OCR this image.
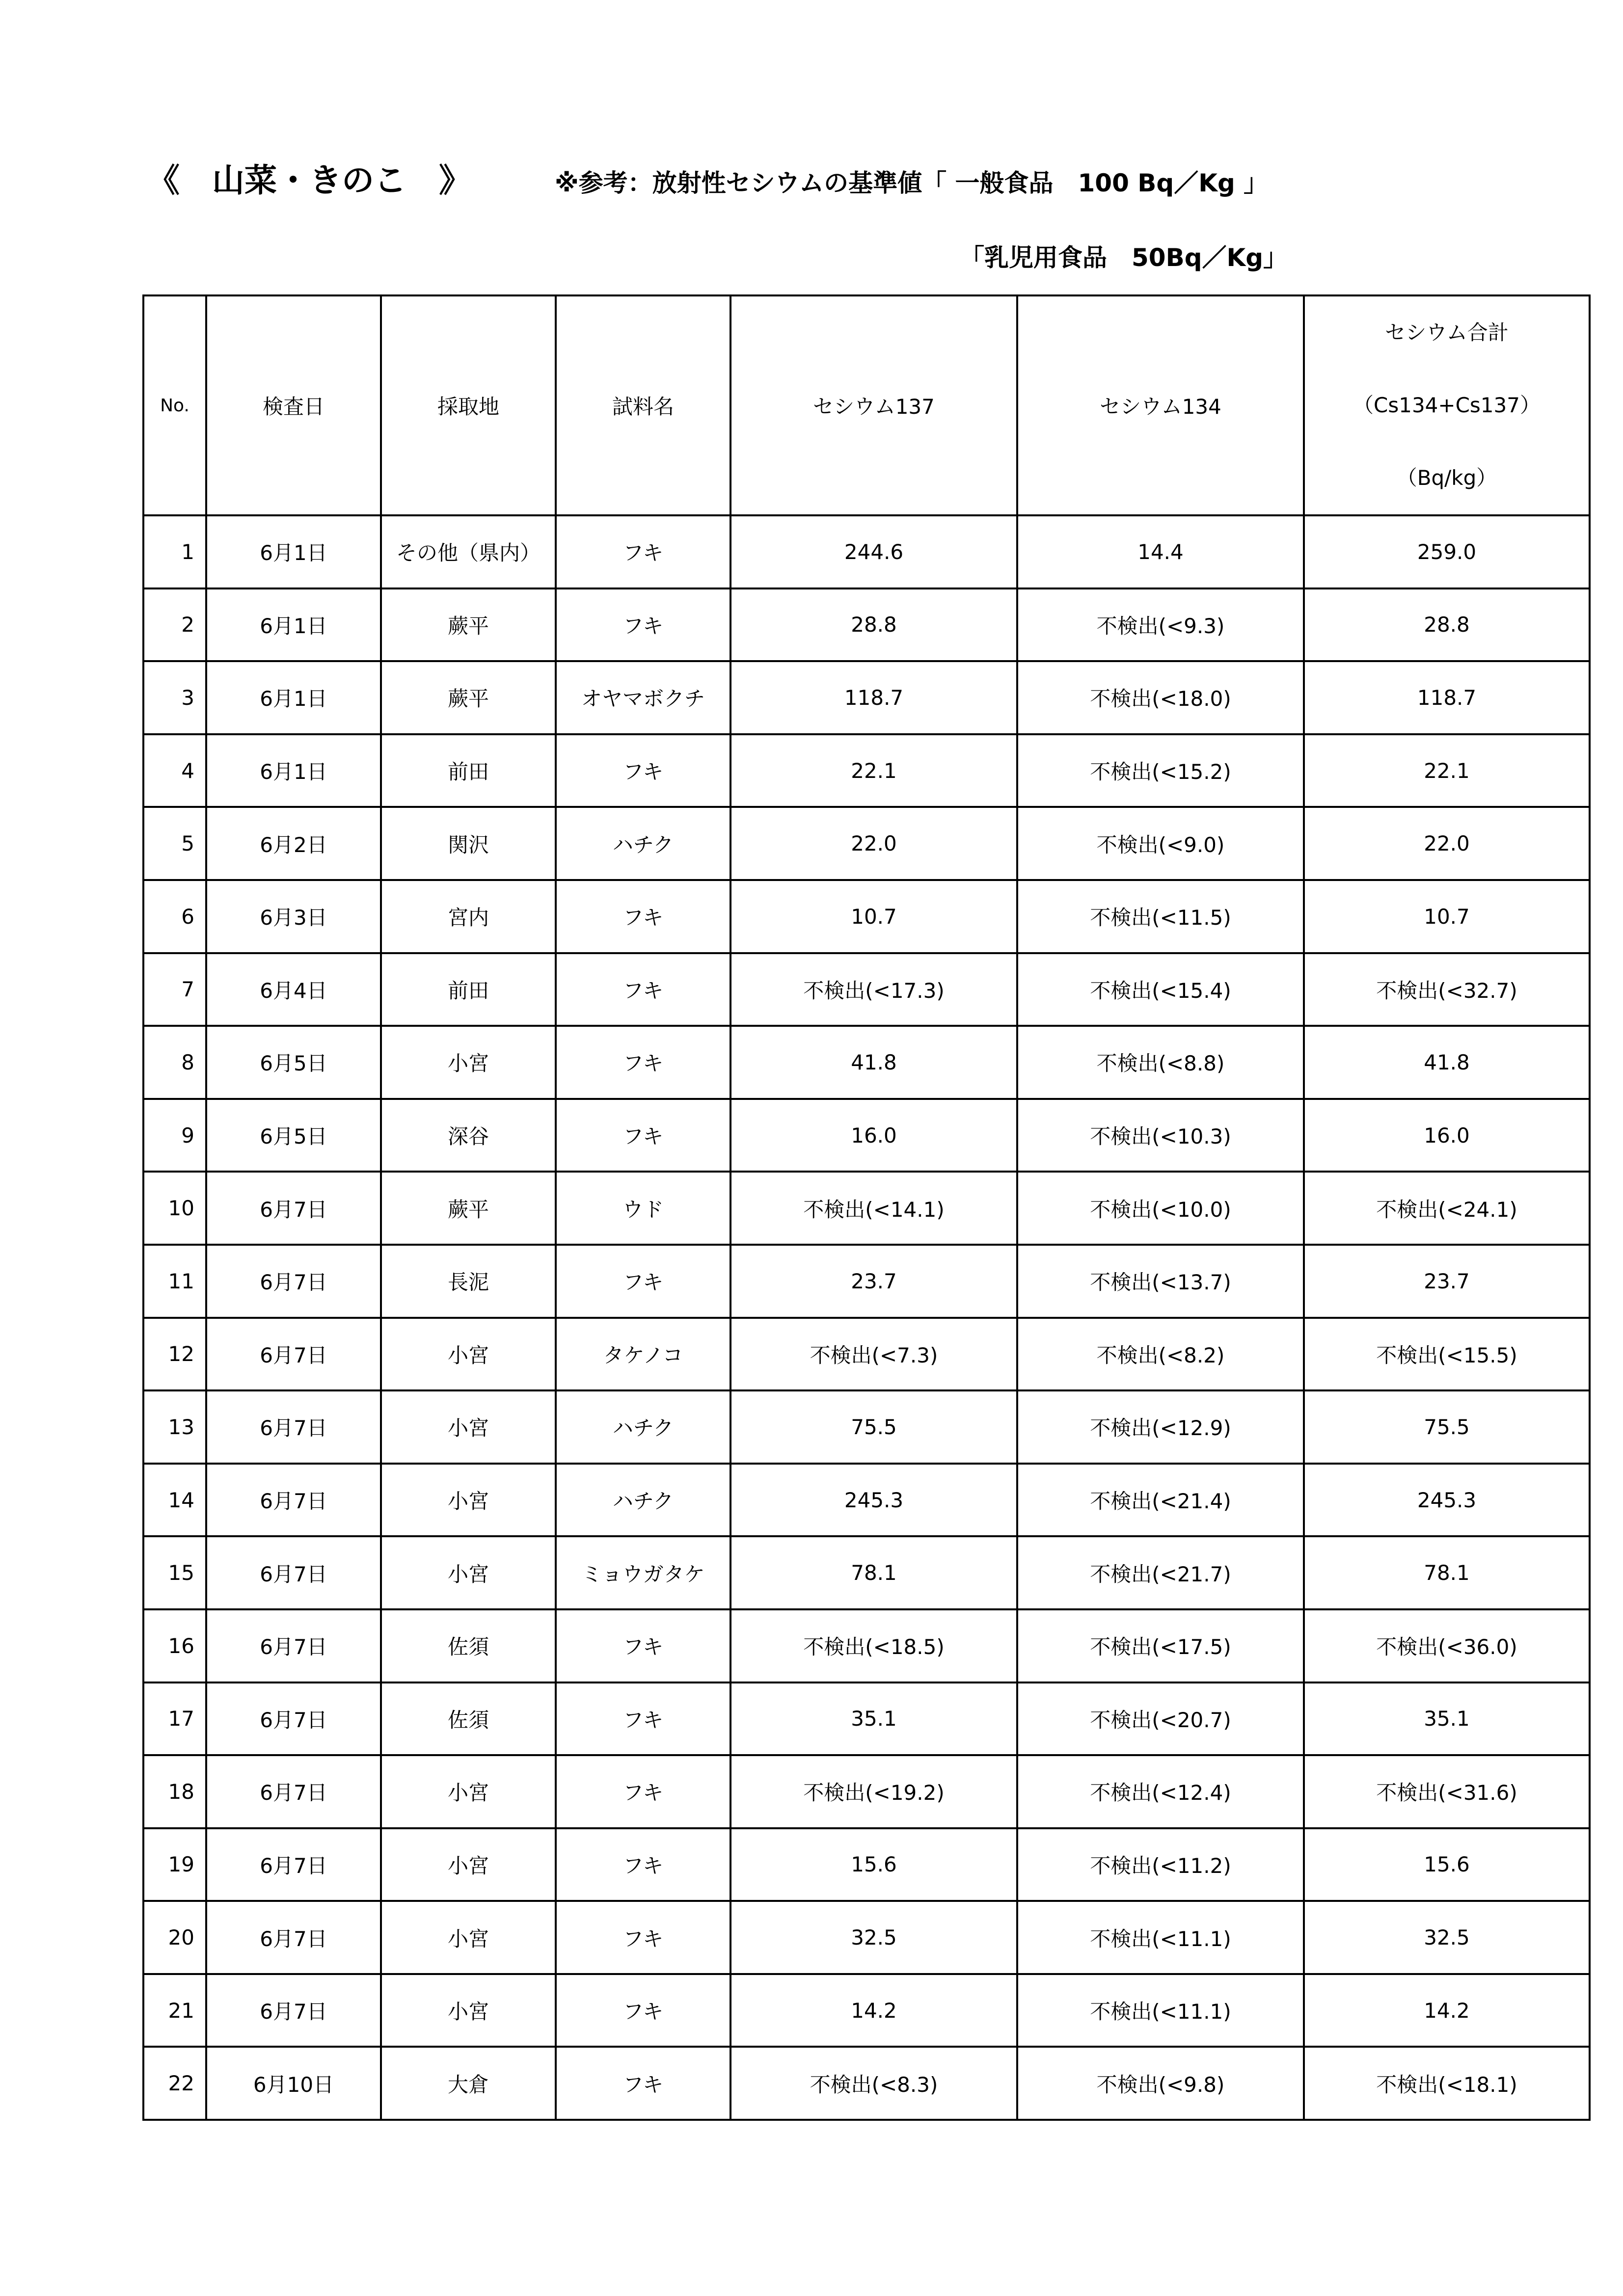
《　山菜・きのこ　》	※参考：放射性セシウムの基準値「 一般食品　100 Bq／Kg 」
「乳児用食品　50Bq／Kg」
No.	検査日	採取地	試料名	セシウム137	セシウム134	セシウム合計
（Cs134+Cs137）
（Bq/kg）

1	6月1日	その他（県内）	フキ	244.6	14.4	259.0
2	6月1日	蕨平	フキ	28.8	不検出(<9.3)	28.8
3	6月1日	蕨平	オヤマボクチ	118.7	不検出(<18.0)	118.7
4	6月1日	前田	フキ	22.1	不検出(<15.2)	22.1
5	6月2日	関沢	ハチク	22.0	不検出(<9.0)	22.0
6	6月3日	宮内	フキ	10.7	不検出(<11.5)	10.7
7	6月4日	前田	フキ	不検出(<17.3)	不検出(<15.4)	不検出(<32.7)
8	6月5日	小宮	フキ	41.8	不検出(<8.8)	41.8
9	6月5日	深谷	フキ	16.0	不検出(<10.3)	16.0
10	6月7日	蕨平	ウド	不検出(<14.1)	不検出(<10.0)	不検出(<24.1)
11	6月7日	長泥	フキ	23.7	不検出(<13.7)	23.7
12	6月7日	小宮	タケノコ	不検出(<7.3)	不検出(<8.2)	不検出(<15.5)
13	6月7日	小宮	ハチク	75.5	不検出(<12.9)	75.5
14	6月7日	小宮	ハチク	245.3	不検出(<21.4)	245.3
15	6月7日	小宮	ミョウガタケ	78.1	不検出(<21.7)	78.1
16	6月7日	佐須	フキ	不検出(<18.5)	不検出(<17.5)	不検出(<36.0)
17	6月7日	佐須	フキ	35.1	不検出(<20.7)	35.1
18	6月7日	小宮	フキ	不検出(<19.2)	不検出(<12.4)	不検出(<31.6)
19	6月7日	小宮	フキ	15.6	不検出(<11.2)	15.6
20	6月7日	小宮	フキ	32.5	不検出(<11.1)	32.5
21	6月7日	小宮	フキ	14.2	不検出(<11.1)	14.2
22	6月10日	大倉	フキ	不検出(<8.3)	不検出(<9.8)	不検出(<18.1)
